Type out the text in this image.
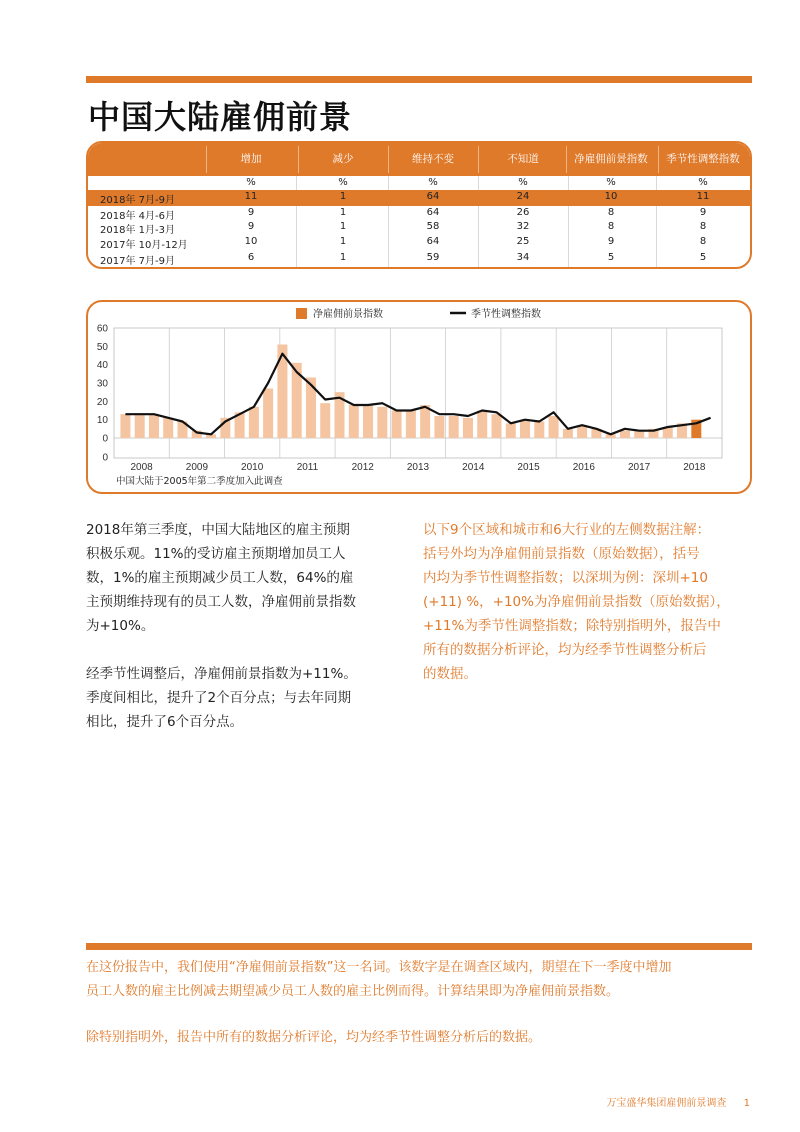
中国大陆雇佣前景
增加	减少	维持不变	不知道	净雇佣前景指数	季节性调整指数
%	%	%	%	%	%
2018年 7月-9月	11	1	64	24	10	11
2018年 4月-6月	9	1	64	26	8	9
2018年 1月-3月	9	1	58	32	8	8
2017年 10月-12月	10	1	64	25	9	8
2017年 7月-9月	6	1	59	34	5	5
60
50
40
30
20
10
0
0
2008	2009	2010	2011	2012	2013	2014	2015	2016	2017	2018
净雇佣前景指数	季节性调整指数
中国大陆于2005年第二季度加入此调查
2018年第三季度，中国大陆地区的雇主预期
积极乐观。11%的受访雇主预期增加员工人
数，1%的雇主预期减少员工人数，64%的雇
主预期维持现有的员工人数，净雇佣前景指数
为+10%。
经季节性调整后，净雇佣前景指数为+11%。
季度间相比，提升了2个百分点；与去年同期
相比，提升了6个百分点。
以下9个区域和城市和6大行业的左侧数据注解：
括号外均为净雇佣前景指数（原始数据），括号
内均为季节性调整指数；以深圳为例：深圳+10
(+11) %，+10%为净雇佣前景指数（原始数据），
+11%为季节性调整指数；除特别指明外，报告中
所有的数据分析评论，均为经季节性调整分析后
的数据。
在这份报告中，我们使用“净雇佣前景指数”这一名词。该数字是在调查区域内，期望在下一季度中增加
员工人数的雇主比例减去期望减少员工人数的雇主比例而得。计算结果即为净雇佣前景指数。
除特别指明外，报告中所有的数据分析评论，均为经季节性调整分析后的数据。
万宝盛华集团雇佣前景调查 1
